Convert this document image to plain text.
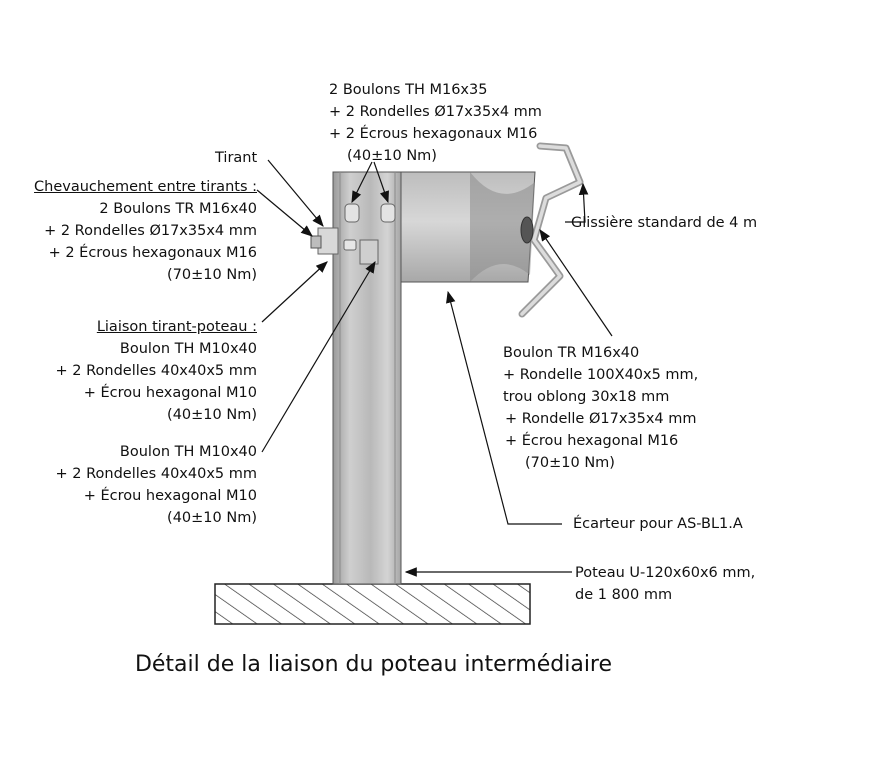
2 Boulons TH M16x35
+ 2 Rondelles Ø17x35x4 mm
+ 2 Écrous hexagonaux M16
(40±10 Nm)
Tirant
Chevauchement entre tirants :
2 Boulons TR M16x40
+ 2 Rondelles Ø17x35x4 mm
+ 2 Écrous hexagonaux M16
(70±10 Nm)
Glissière standard de 4 m
Liaison tirant-poteau :
Boulon TH M10x40
+ 2 Rondelles 40x40x5 mm
+ Écrou hexagonal M10
(40±10 Nm)
Boulon TR M16x40
+ Rondelle 100X40x5 mm,
trou oblong 30x18 mm
+ Rondelle Ø17x35x4 mm
+ Écrou hexagonal M16
(70±10 Nm)
Boulon TH M10x40
+ 2 Rondelles 40x40x5 mm
+ Écrou hexagonal M10
(40±10 Nm)	Écarteur pour AS-BL1.A
Poteau U-120x60x6 mm,
de 1 800 mm
Détail de la liaison du poteau intermédiaire
